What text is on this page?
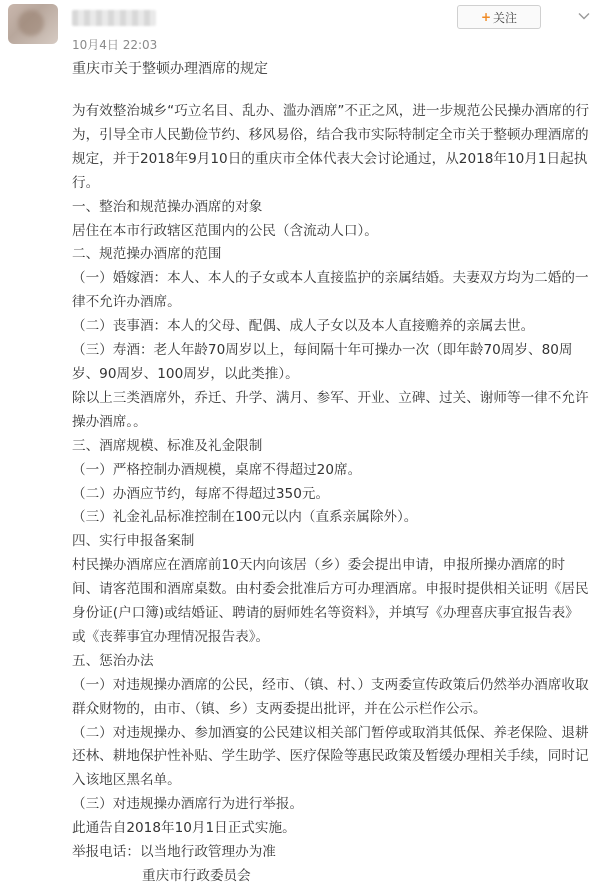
10月4日 22:03
+ 关注
重庆市关于整顿办理酒席的规定

为有效整治城乡“巧立名目、乱办、滥办酒席”不正之风，进一步规范公民操办酒席的行为，引导全市人民勤俭节约、移风易俗，结合我市实际特制定全市关于整顿办理酒席的规定，并于2018年9月10日的重庆市全体代表大会讨论通过，从2018年10月1日起执行。

一、整治和规范操办酒席的对象

居住在本市行政辖区范围内的公民（含流动人口）。

二、规范操办酒席的范围

（一）婚嫁酒：本人、本人的子女或本人直接监护的亲属结婚。夫妻双方均为二婚的一律不允许办酒席。

（二）丧事酒：本人的父母、配偶、成人子女以及本人直接赡养的亲属去世。

（三）寿酒：老人年龄70周岁以上，每间隔十年可操办一次（即年龄70周岁、80周岁、90周岁、100周岁，以此类推）。

除以上三类酒席外，乔迁、升学、满月、参军、开业、立碑、过关、谢师等一律不允许操办酒席。。

三、酒席规模、标准及礼金限制

（一）严格控制办酒规模，桌席不得超过20席。

（二）办酒应节约，每席不得超过350元。

（三）礼金礼品标准控制在100元以内（直系亲属除外）。

四、实行申报备案制

村民操办酒席应在酒席前10天内向该居（乡）委会提出申请，申报所操办酒席的时间、请客范围和酒席桌数。由村委会批准后方可办理酒席。申报时提供相关证明《居民身份证(户口簿)或结婚证、聘请的厨师姓名等资料》，并填写《办理喜庆事宜报告表》或《丧葬事宜办理情况报告表》。

五、惩治办法

（一）对违规操办酒席的公民，经市、（镇、村、）支两委宣传政策后仍然举办酒席收取群众财物的，由市、（镇、乡）支两委提出批评，并在公示栏作公示。

（二）对违规操办、参加酒宴的公民建议相关部门暂停或取消其低保、养老保险、退耕还林、耕地保护性补贴、学生助学、医疗保险等惠民政策及暂缓办理相关手续，同时记入该地区黑名单。

（三）对违规操办酒席行为进行举报。

此通告自2018年10月1日正式实施。

举报电话：以当地行政管理办为准

重庆市行政委员会
